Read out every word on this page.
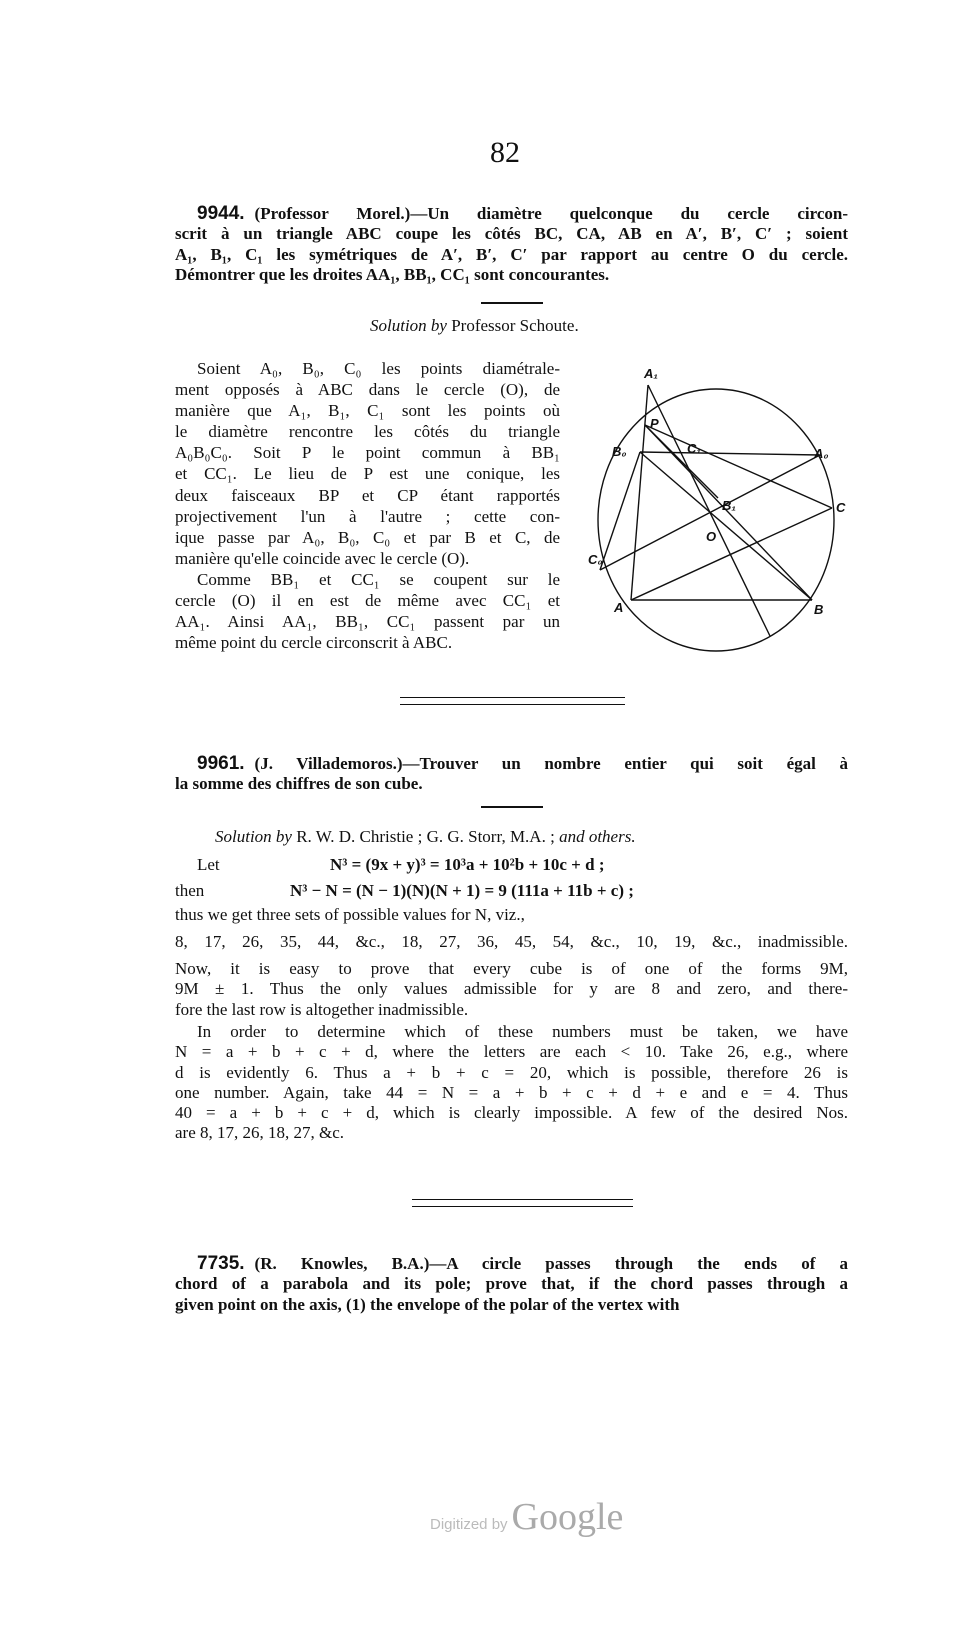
82
9944. (Professor Morel.)—Un diamètre quelconque du cercle circon-
scrit à un triangle ABC coupe les côtés BC, CA, AB en A′, B′, C′ ; soient
A₁, B₁, C₁ les symétriques de A′, B′, C′ par rapport au centre O du cercle.
Démontrer que les droites AA₁, BB₁, CC₁ sont concourantes.
Solution by Professor Schoute.
Soient A₀, B₀, C₀ les points diamétrale-
ment opposés à ABC dans le cercle (O), de
manière que A₁, B₁, C₁ sont les points où
le diamètre rencontre les côtés du triangle
A₀B₀C₀. Soit P le point commun à BB₁
et CC₁. Le lieu de P est une conique, les
deux faisceaux BP et CP étant rapportés
projectivement l'un à l'autre ; cette con-
ique passe par A₀, B₀, C₀ et par B et C, de
manière qu'elle coincide avec le cercle (O).
Comme BB₁ et CC₁ se coupent sur le
cercle (O) il en est de même avec CC₁ et
AA₁. Ainsi AA₁, BB₁, CC₁ passent par un
même point du cercle circonscrit à ABC.
A₁
P
B₀	C₁	A₀
B₁	C
O
C₀
A	B
9961. (J. Villademoros.)—Trouver un nombre entier qui soit égal à
la somme des chiffres de son cube.
Solution by R. W. D. Christie ; G. G. Storr, M.A. ; and others.
Let	N³ = (9x + y)³ = 10³a + 10²b + 10c + d ;
then	N³ − N = (N − 1)(N)(N + 1) = 9 (111a + 11b + c) ;
thus we get three sets of possible values for N, viz.,
8, 17, 26, 35, 44, &c., 18, 27, 36, 45, 54, &c., 10, 19, &c., inadmissible.
Now, it is easy to prove that every cube is of one of the forms 9M,
9M ± 1. Thus the only values admissible for y are 8 and zero, and there-
fore the last row is altogether inadmissible.
In order to determine which of these numbers must be taken, we have
N = a + b + c + d, where the letters are each < 10. Take 26, e.g., where
d is evidently 6. Thus a + b + c = 20, which is possible, therefore 26 is
one number. Again, take 44 = N = a + b + c + d + e and e = 4. Thus
40 = a + b + c + d, which is clearly impossible. A few of the desired Nos.
are 8, 17, 26, 18, 27, &c.
7735. (R. Knowles, B.A.)—A circle passes through the ends of a
chord of a parabola and its pole; prove that, if the chord passes through a
given point on the axis, (1) the envelope of the polar of the vertex with
Digitized by Google
